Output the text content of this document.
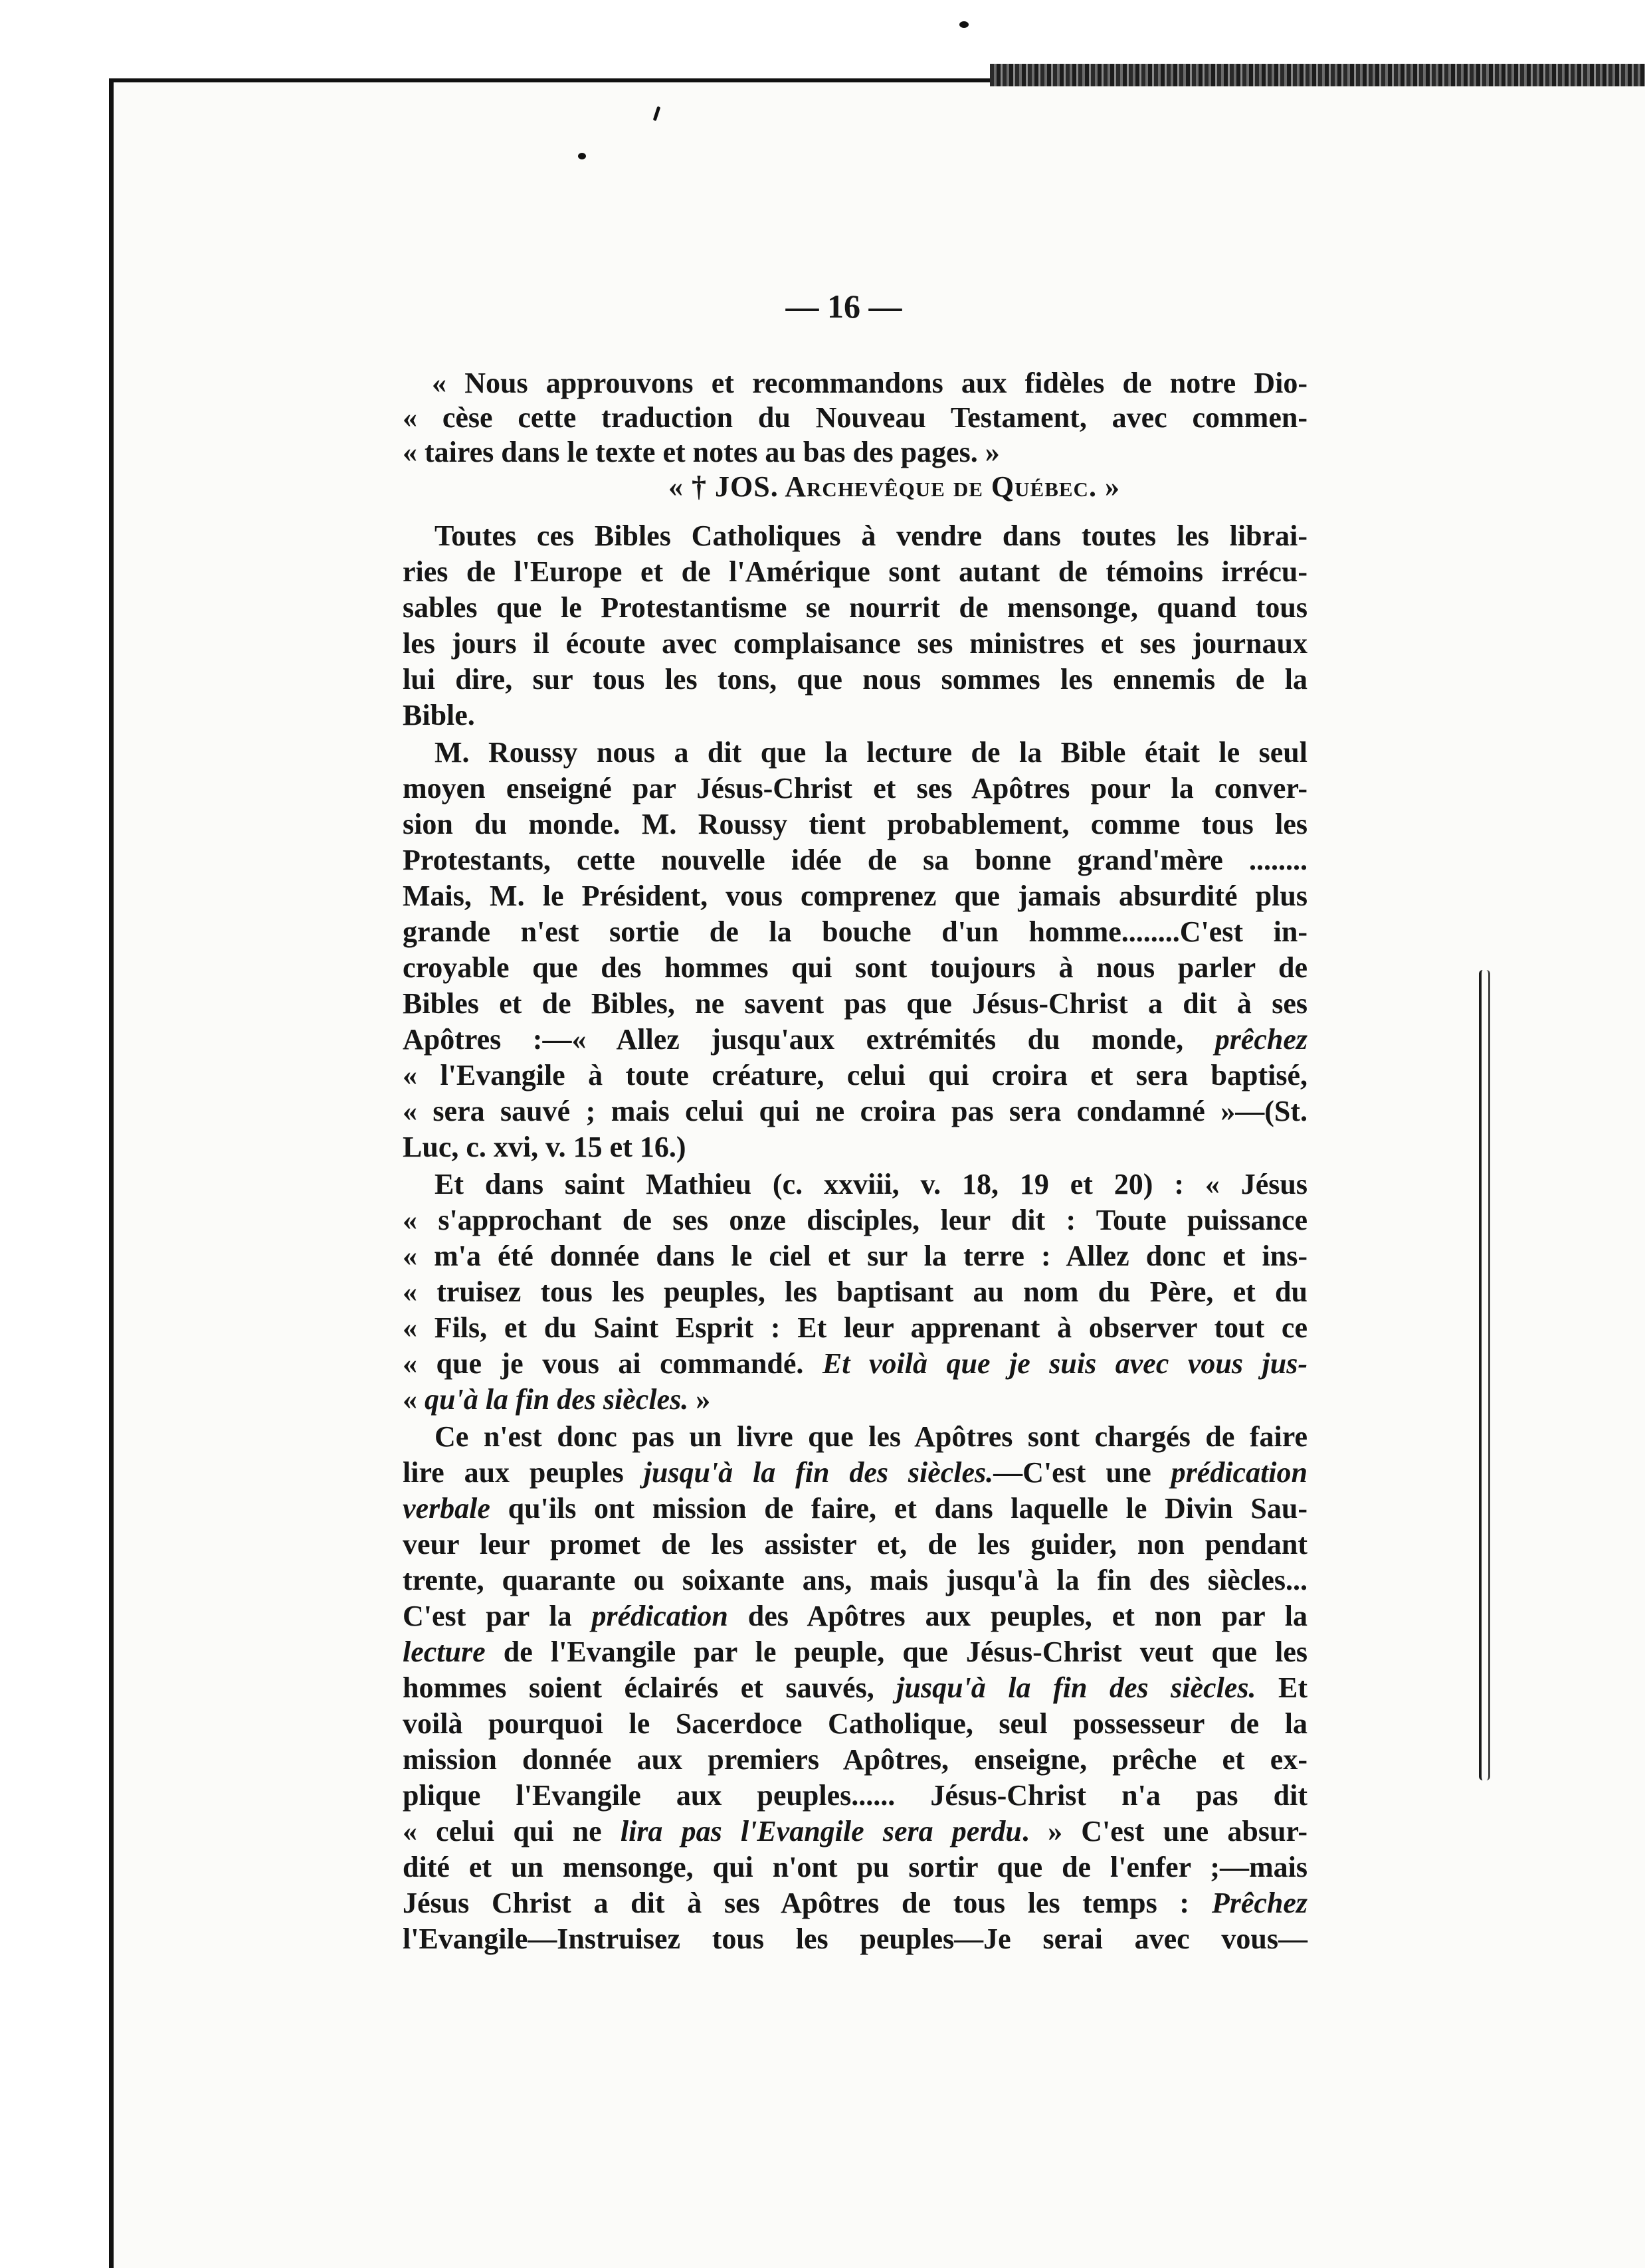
— 16 —
« Nous approuvons et recommandons aux fidèles de notre Dio-
« cèse cette traduction du Nouveau Testament, avec commen-
« taires dans le texte et notes au bas des pages. »
« † JOS. Archevêque de Québec. »
Toutes ces Bibles Catholiques à vendre dans toutes les librai-
ries de l'Europe et de l'Amérique sont autant de témoins irrécu-
sables que le Protestantisme se nourrit de mensonge, quand tous
les jours il écoute avec complaisance ses ministres et ses journaux
lui dire, sur tous les tons, que nous sommes les ennemis de la
Bible.
M. Roussy nous a dit que la lecture de la Bible était le seul
moyen enseigné par Jésus-Christ et ses Apôtres pour la conver-
sion du monde. M. Roussy tient probablement, comme tous les
Protestants, cette nouvelle idée de sa bonne grand'mère ........
Mais, M. le Président, vous comprenez que jamais absurdité plus
grande n'est sortie de la bouche d'un homme........C'est in-
croyable que des hommes qui sont toujours à nous parler de
Bibles et de Bibles, ne savent pas que Jésus-Christ a dit à ses
Apôtres :—« Allez jusqu'aux extrémités du monde, prêchez
« l'Evangile à toute créature, celui qui croira et sera baptisé,
« sera sauvé ; mais celui qui ne croira pas sera condamné »—(St.
Luc, c. xvi, v. 15 et 16.)
Et dans saint Mathieu (c. xxviii, v. 18, 19 et 20) : « Jésus
« s'approchant de ses onze disciples, leur dit : Toute puissance
« m'a été donnée dans le ciel et sur la terre : Allez donc et ins-
« truisez tous les peuples, les baptisant au nom du Père, et du
« Fils, et du Saint Esprit : Et leur apprenant à observer tout ce
« que je vous ai commandé. Et voilà que je suis avec vous jus-
« qu'à la fin des siècles. »
Ce n'est donc pas un livre que les Apôtres sont chargés de faire
lire aux peuples jusqu'à la fin des siècles.—C'est une prédication
verbale qu'ils ont mission de faire, et dans laquelle le Divin Sau-
veur leur promet de les assister et, de les guider, non pendant
trente, quarante ou soixante ans, mais jusqu'à la fin des siècles...
C'est par la prédication des Apôtres aux peuples, et non par la
lecture de l'Evangile par le peuple, que Jésus-Christ veut que les
hommes soient éclairés et sauvés, jusqu'à la fin des siècles. Et
voilà pourquoi le Sacerdoce Catholique, seul possesseur de la
mission donnée aux premiers Apôtres, enseigne, prêche et ex-
plique l'Evangile aux peuples...... Jésus-Christ n'a pas dit
« celui qui ne lira pas l'Evangile sera perdu. » C'est une absur-
dité et un mensonge, qui n'ont pu sortir que de l'enfer ;—mais
Jésus Christ a dit à ses Apôtres de tous les temps : Prêchez
l'Evangile—Instruisez tous les peuples—Je serai avec vous—
